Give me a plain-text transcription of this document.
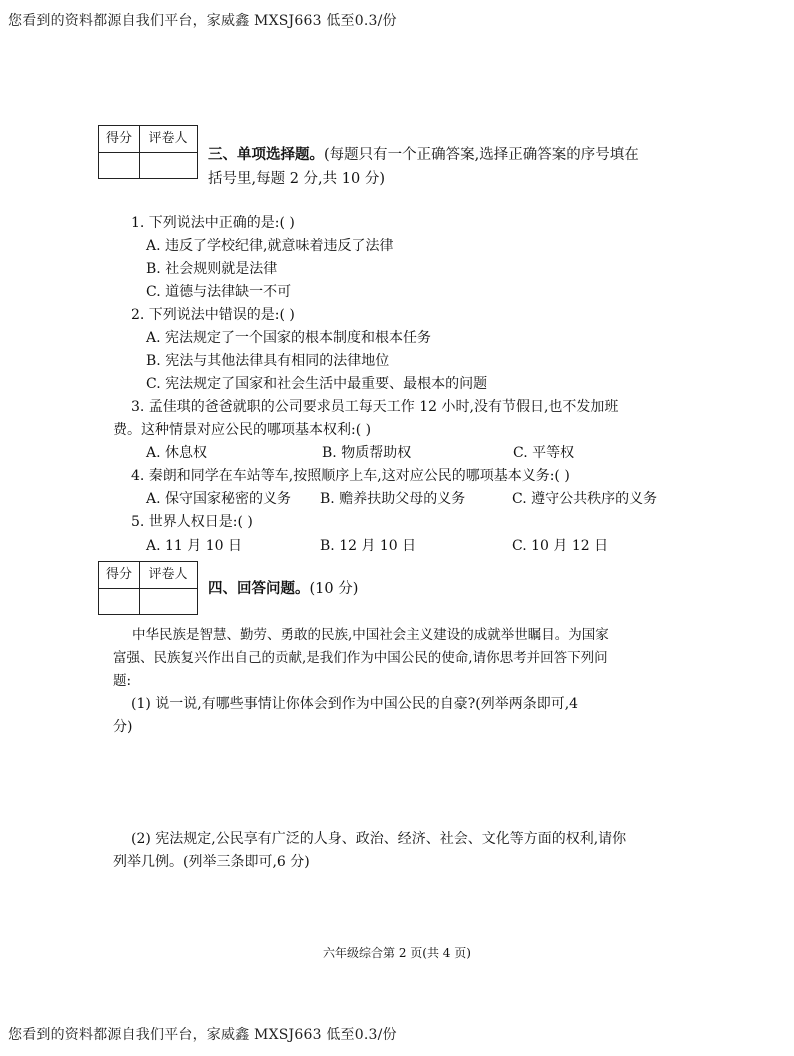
您看到的资料都源自我们平台，家威鑫 MXSJ663 低至0.3/份
得分	评卷人
三、单项选择题。(每题只有一个正确答案,选择正确答案的序号填在
括号里,每题 2 分,共 10 分)
1. 下列说法中正确的是:( )
A. 违反了学校纪律,就意味着违反了法律
B. 社会规则就是法律
C. 道德与法律缺一不可
2. 下列说法中错误的是:( )
A. 宪法规定了一个国家的根本制度和根本任务
B. 宪法与其他法律具有相同的法律地位
C. 宪法规定了国家和社会生活中最重要、最根本的问题
3. 孟佳琪的爸爸就职的公司要求员工每天工作 12 小时,没有节假日,也不发加班
费。这种情景对应公民的哪项基本权利:( )
A. 休息权	B. 物质帮助权	C. 平等权
4. 秦朗和同学在车站等车,按照顺序上车,这对应公民的哪项基本义务:( )
A. 保守国家秘密的义务 B. 赡养扶助父母的义务	C. 遵守公共秩序的义务
5. 世界人权日是:( )
A. 11 月 10 日	B. 12 月 10 日	C. 10 月 12 日
得分	评卷人
四、回答问题。(10 分)
中华民族是智慧、勤劳、勇敢的民族,中国社会主义建设的成就举世瞩目。为国家
富强、民族复兴作出自己的贡献,是我们作为中国公民的使命,请你思考并回答下列问
题:
(1) 说一说,有哪些事情让你体会到作为中国公民的自豪?(列举两条即可,4
分)
(2) 宪法规定,公民享有广泛的人身、政治、经济、社会、文化等方面的权利,请你
列举几例。(列举三条即可,6 分)
六年级综合第 2 页(共 4 页)
您看到的资料都源自我们平台，家威鑫 MXSJ663 低至0.3/份
